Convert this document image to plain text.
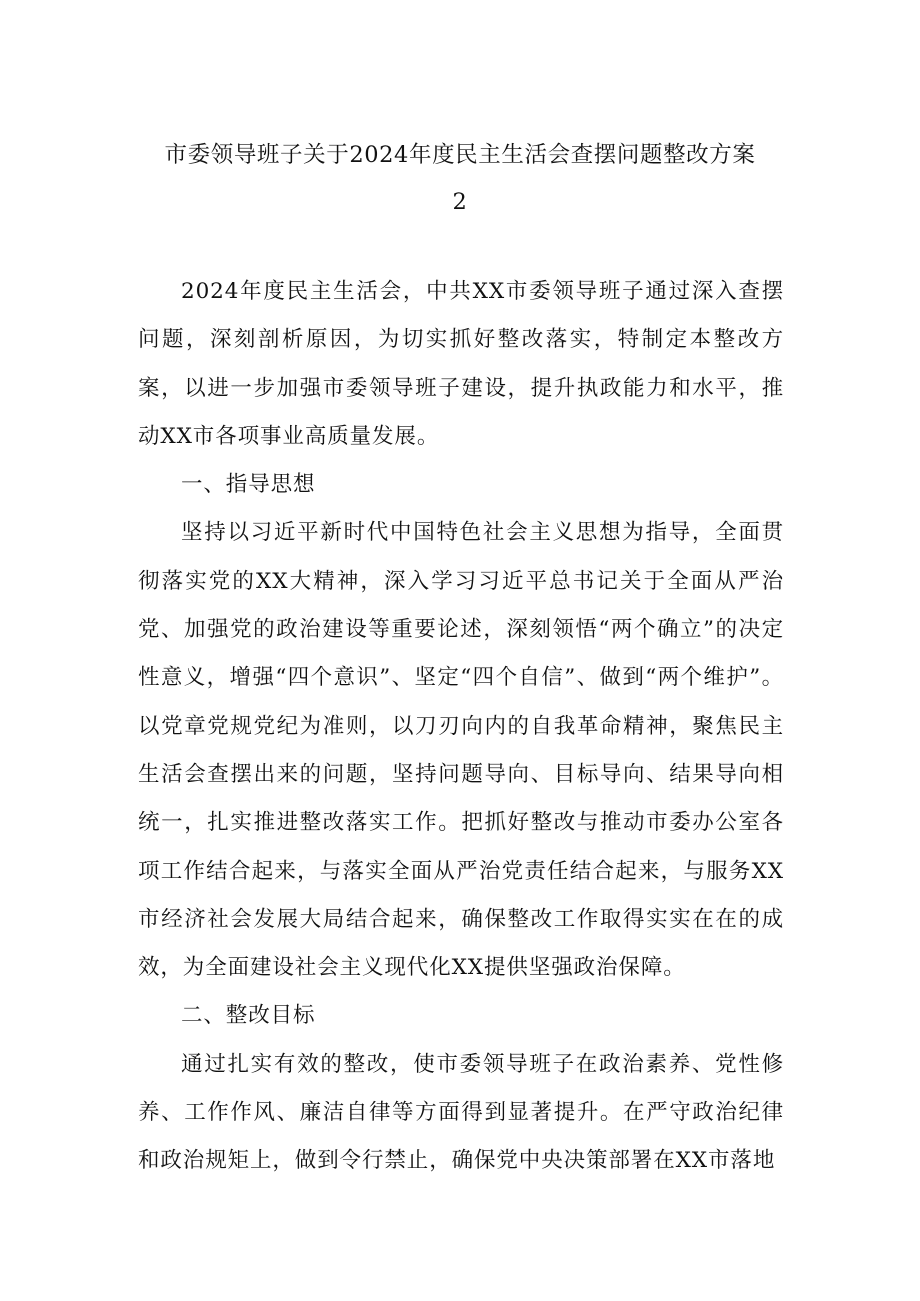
市委领导班子关于2024年度民主生活会查摆问题整改方案
2

2024年度民主生活会，中共XX市委领导班子通过深入查摆问题，深刻剖析原因，为切实抓好整改落实，特制定本整改方案，以进一步加强市委领导班子建设，提升执政能力和水平，推动XX市各项事业高质量发展。

一、指导思想

坚持以习近平新时代中国特色社会主义思想为指导，全面贯彻落实党的XX大精神，深入学习习近平总书记关于全面从严治党、加强党的政治建设等重要论述，深刻领悟“两个确立”的决定性意义，增强“四个意识”、坚定“四个自信”、做到“两个维护”。以党章党规党纪为准则，以刀刃向内的自我革命精神，聚焦民主生活会查摆出来的问题，坚持问题导向、目标导向、结果导向相统一，扎实推进整改落实工作。把抓好整改与推动市委办公室各项工作结合起来，与落实全面从严治党责任结合起来，与服务XX市经济社会发展大局结合起来，确保整改工作取得实实在在的成效，为全面建设社会主义现代化XX提供坚强政治保障。

二、整改目标

通过扎实有效的整改，使市委领导班子在政治素养、党性修养、工作作风、廉洁自律等方面得到显著提升。在严守政治纪律和政治规矩上，做到令行禁止，确保党中央决策部署在XX市落地
